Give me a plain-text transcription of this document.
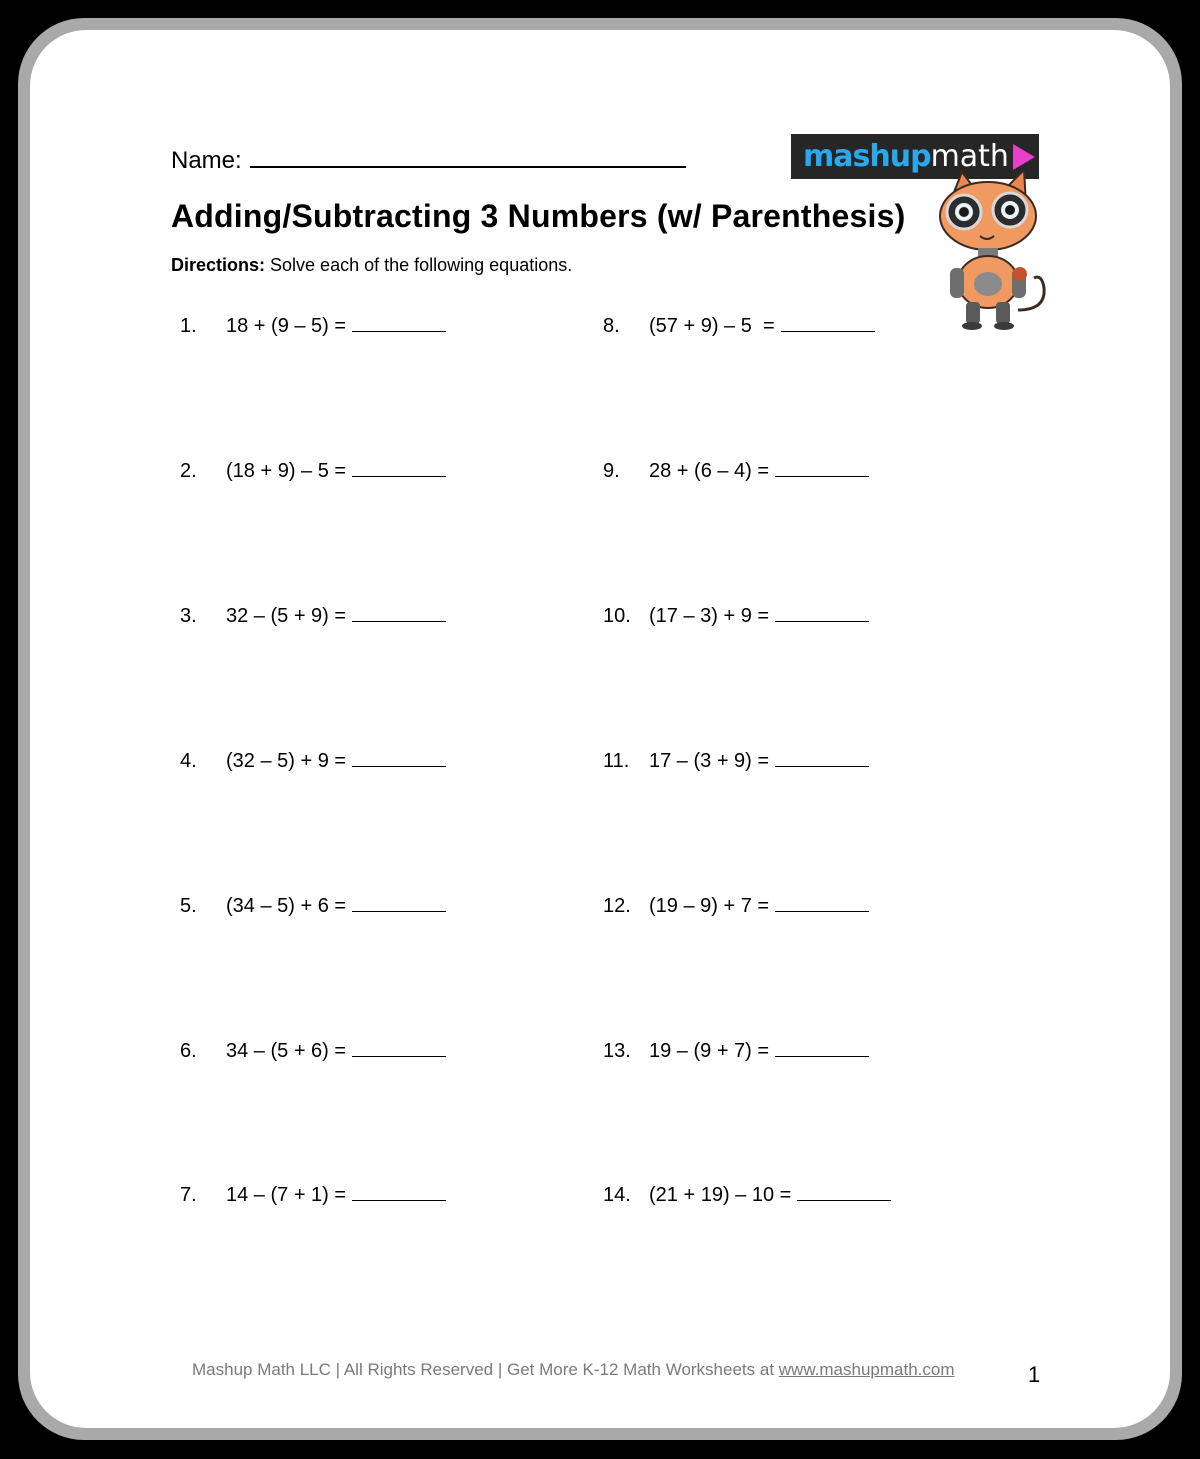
Name:	mashup math
Adding/Subtracting 3 Numbers (w/ Parenthesis)
Directions: Solve each of the following equations.
1. 18 + (9 – 5) =
2. (18 + 9) – 5 =
3. 32 – (5 + 9) =
4. (32 – 5) + 9 =
5. (34 – 5) + 6 =
6. 34 – (5 + 6) =
7. 14 – (7 + 1) =
8. (57 + 9) – 5  =
9. 28 + (6 – 4) =
10. (17 – 3) + 9 =
11. 17 – (3 + 9) =
12. (19 – 9) + 7 =
13. 19 – (9 + 7) =
14. (21 + 19) – 10 =
Mashup Math LLC | All Rights Reserved | Get More K-12 Math Worksheets at www.mashupmath.com	1
